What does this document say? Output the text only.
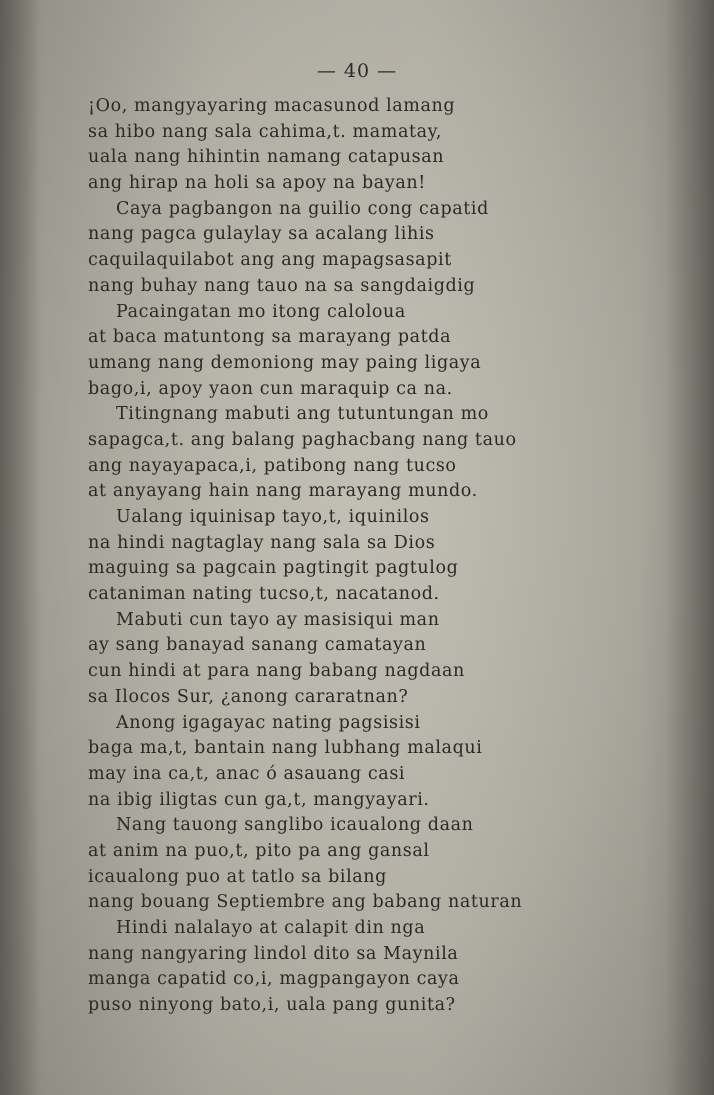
— 40 —
¡Oo, mangyayaring macasunod lamang
sa hibo nang sala cahima,t. mamatay,
uala nang hihintin namang catapusan
ang hirap na holi sa apoy na bayan!
Caya pagbangon na guilio cong capatid
nang pagca gulaylay sa acalang lihis
caquilaquilabot ang ang mapagsasapit
nang buhay nang tauo na sa sangdaigdig
Pacaingatan mo itong caloloua
at baca matuntong sa marayang patda
umang nang demoniong may paing ligaya
bago,i, apoy yaon cun maraquip ca na.
Titingnang mabuti ang tutuntungan mo
sapagca,t. ang balang paghacbang nang tauo
ang nayayapaca,i, patibong nang tucso
at anyayang hain nang marayang mundo.
Ualang iquinisap tayo,t, iquinilos
na hindi nagtaglay nang sala sa Dios
maguing sa pagcain pagtingit pagtulog
cataniman nating tucso,t, nacatanod.
Mabuti cun tayo ay masisiqui man
ay sang banayad sanang camatayan
cun hindi at para nang babang nagdaan
sa Ilocos Sur, ¿anong cararatnan?
Anong igagayac nating pagsisisi
baga ma,t, bantain nang lubhang malaqui
may ina ca,t, anac ó asauang casi
na ibig iligtas cun ga,t, mangyayari.
Nang tauong sanglibo icaualong daan
at anim na puo,t, pito pa ang gansal
icaualong puo at tatlo sa bilang
nang bouang Septiembre ang babang naturan
Hindi nalalayo at calapit din nga
nang nangyaring lindol dito sa Maynila
manga capatid co,i, magpangayon caya
puso ninyong bato,i, uala pang gunita?
